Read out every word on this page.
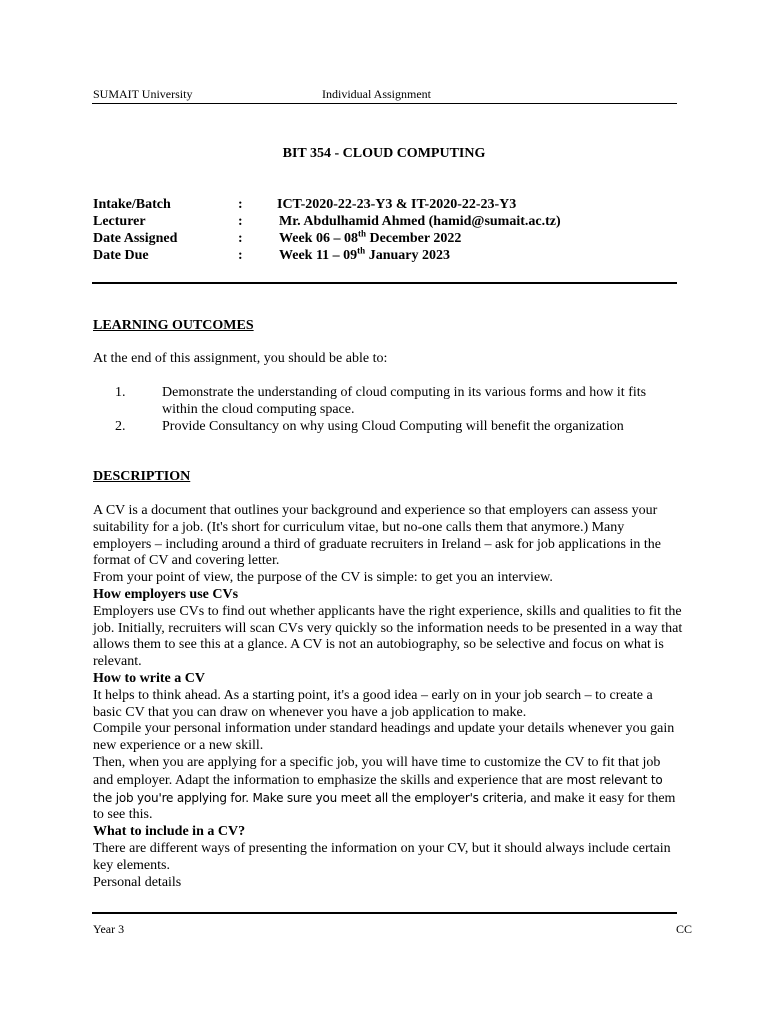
SUMAIT University	Individual Assignment
BIT 354 - CLOUD COMPUTING
Intake/Batch	: ICT-2020-22-23-Y3 & IT-2020-22-23-Y3
Lecturer	:	Mr. Abdulhamid Ahmed (hamid@sumait.ac.tz)
Date Assigned	:	Week 06 – 08th December 2022
Date Due	:	Week 11 – 09th January 2023
LEARNING OUTCOMES
At the end of this assignment, you should be able to:
1.	Demonstrate the understanding of cloud computing in its various forms and how it fits within the cloud computing space.
2.	Provide Consultancy on why using Cloud Computing will benefit the organization
DESCRIPTION
A CV is a document that outlines your background and experience so that employers can assess your suitability for a job. (It's short for curriculum vitae, but no-one calls them that anymore.) Many employers – including around a third of graduate recruiters in Ireland – ask for job applications in the format of CV and covering letter.
From your point of view, the purpose of the CV is simple: to get you an interview.
How employers use CVs
Employers use CVs to find out whether applicants have the right experience, skills and qualities to fit the job. Initially, recruiters will scan CVs very quickly so the information needs to be presented in a way that allows them to see this at a glance. A CV is not an autobiography, so be selective and focus on what is relevant.
How to write a CV
It helps to think ahead. As a starting point, it's a good idea – early on in your job search – to create a basic CV that you can draw on whenever you have a job application to make.
Compile your personal information under standard headings and update your details whenever you gain new experience or a new skill.
Then, when you are applying for a specific job, you will have time to customize the CV to fit that job and employer. Adapt the information to emphasize the skills and experience that are most relevant to the job you're applying for. Make sure you meet all the employer's criteria, and make it easy for them to see this.
What to include in a CV?
There are different ways of presenting the information on your CV, but it should always include certain key elements.
Personal details
Year 3	CC
